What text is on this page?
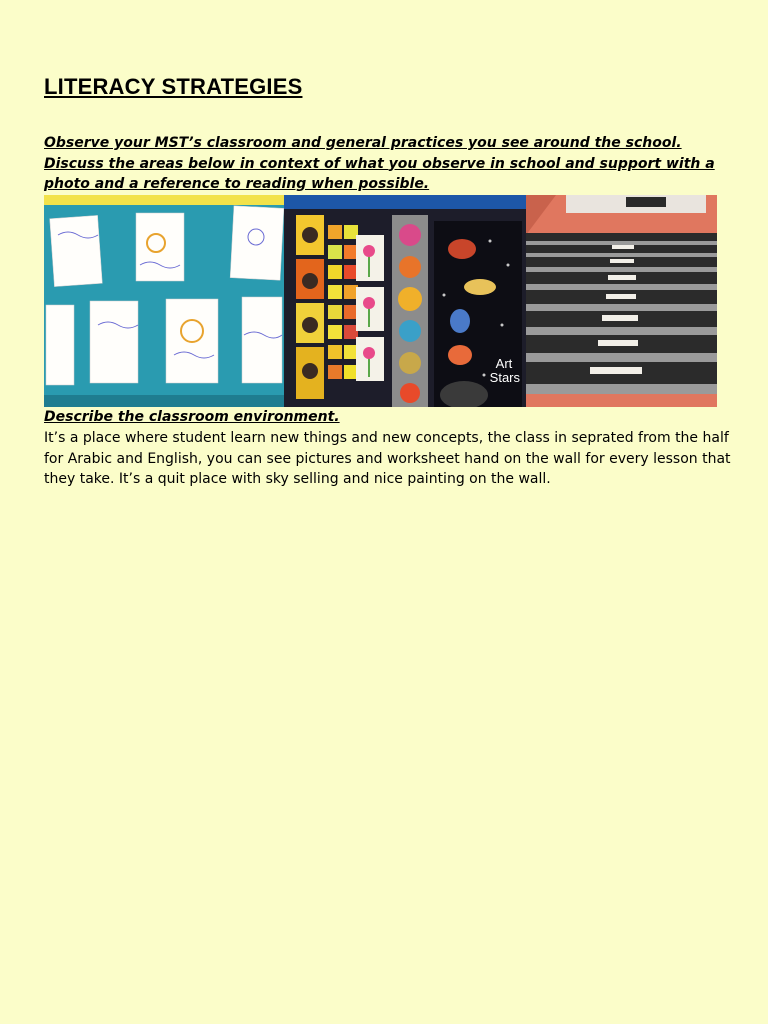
LITERACY STRATEGIES

Observe your MST’s classroom and general practices you see around the school. Discuss the areas below in context of what you observe in school and support with a photo and a reference to reading when possible.

Art
Stars

Describe the classroom environment.

It’s a place where student learn new things and new concepts, the class in seprated from the half for Arabic and English, you can see pictures and worksheet hand on the wall for every lesson that they take. It’s a quit place with sky selling and nice painting on the wall.
